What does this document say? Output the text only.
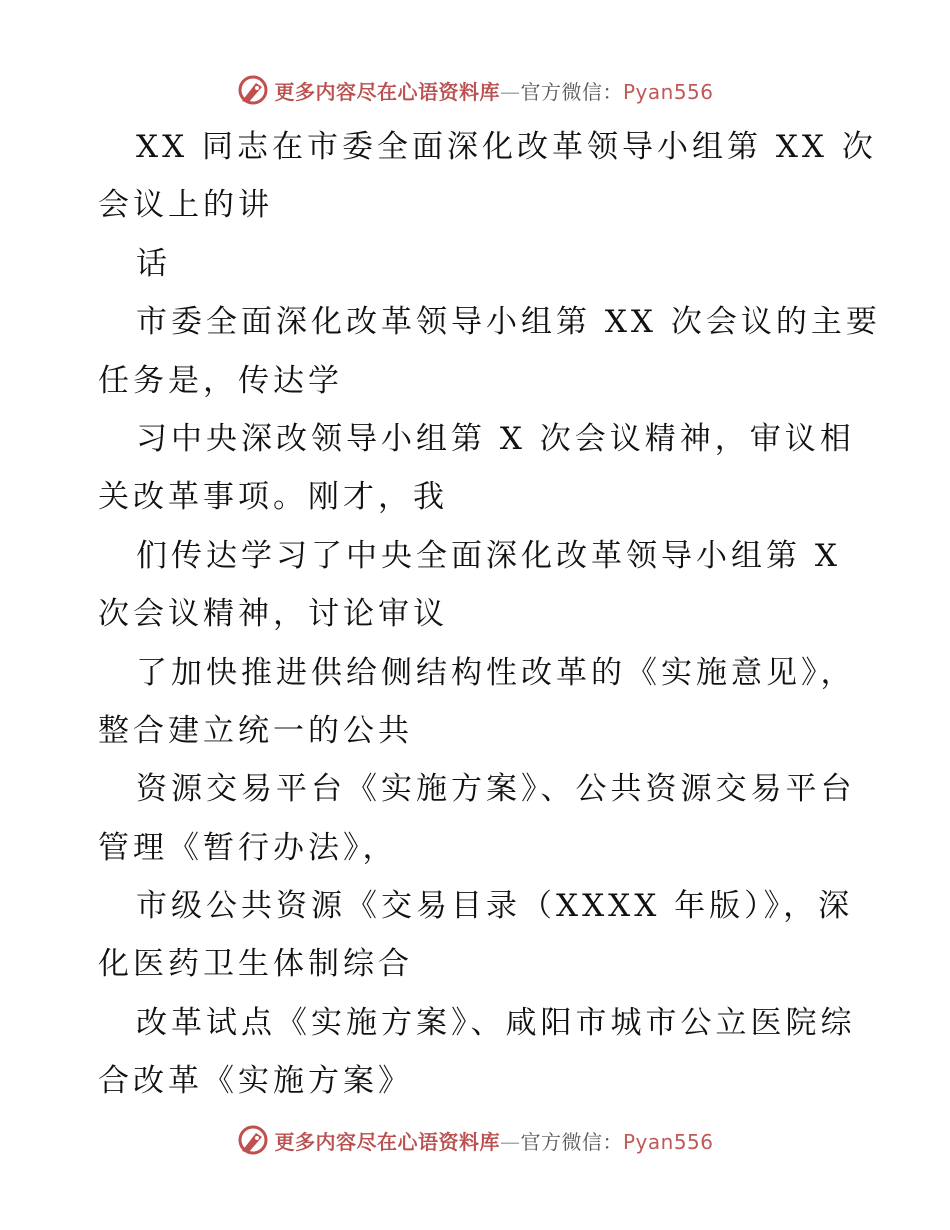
更多内容尽在心语资料库—官方微信：Pyan556
XX 同志在市委全面深化改革领导小组第 XX 次
会议上的讲
话
市委全面深化改革领导小组第 XX 次会议的主要
任务是，传达学
习中央深改领导小组第 X 次会议精神，审议相
关改革事项。刚才，我
们传达学习了中央全面深化改革领导小组第 X
次会议精神，讨论审议
了加快推进供给侧结构性改革的《实施意见》，
整合建立统一的公共
资源交易平台《实施方案》、公共资源交易平台
管理《暂行办法》，
市级公共资源《交易目录（XXXX 年版）》，深
化医药卫生体制综合
改革试点《实施方案》、咸阳市城市公立医院综
合改革《实施方案》
更多内容尽在心语资料库—官方微信：Pyan556
